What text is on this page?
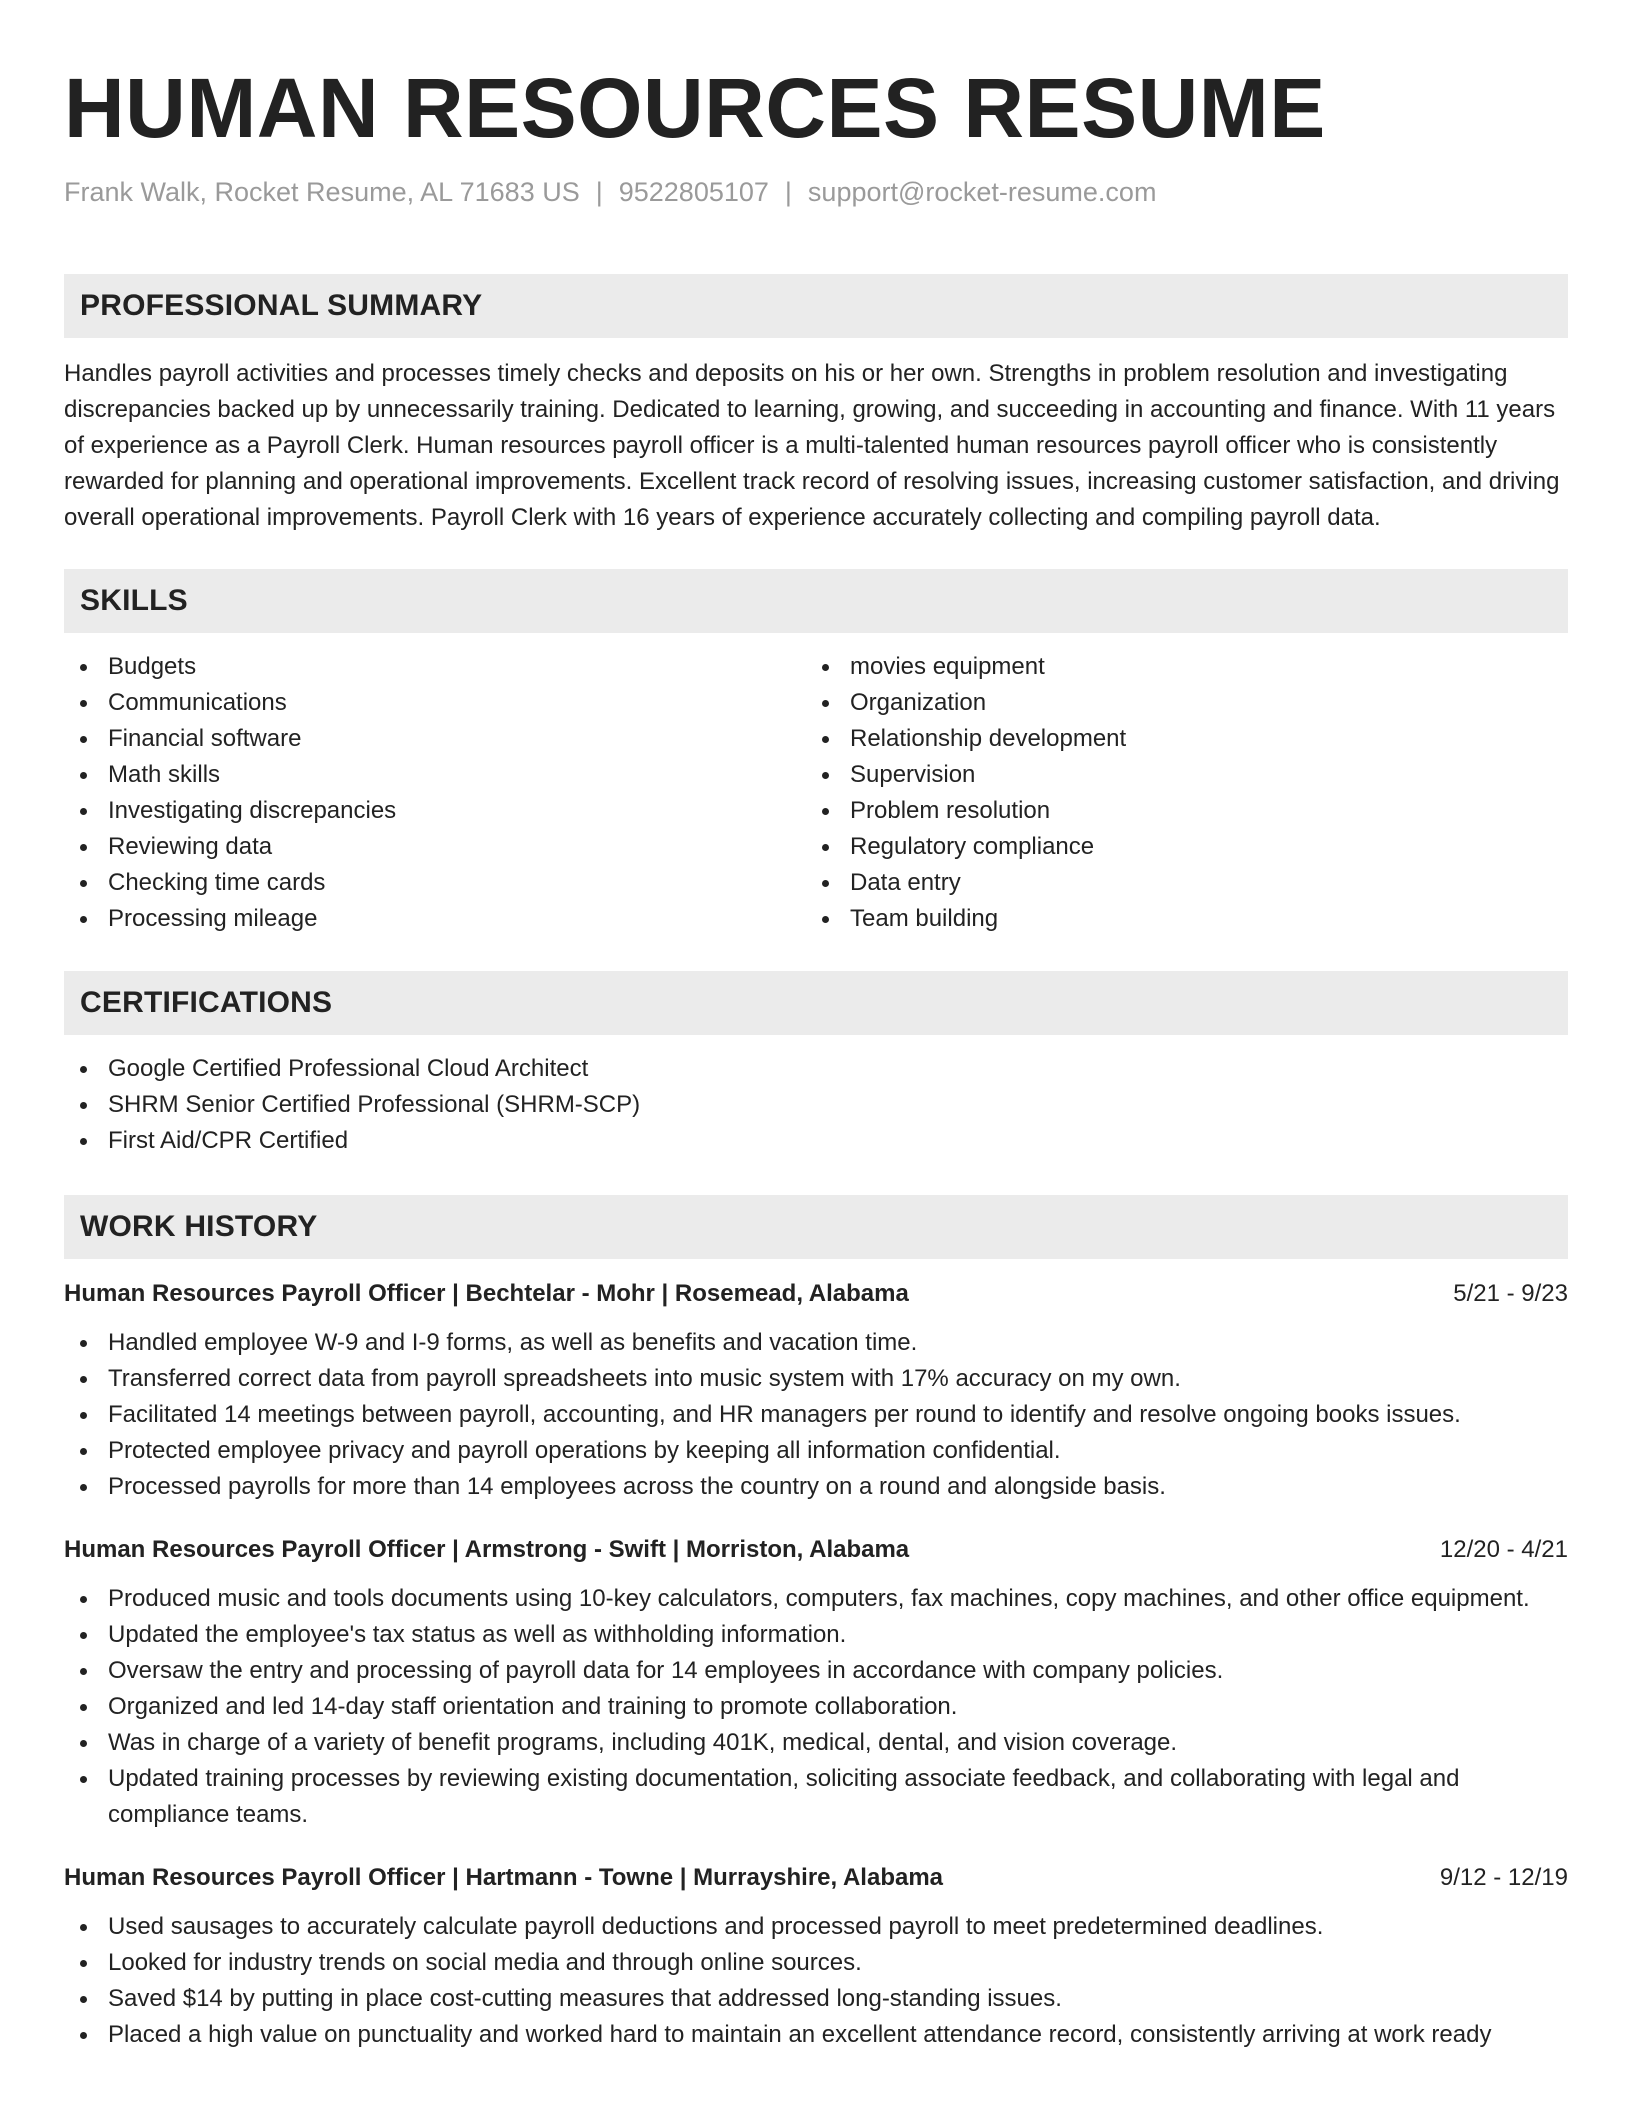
HUMAN RESOURCES RESUME
Frank Walk, Rocket Resume, AL 71683 US | 9522805107 | support@rocket-resume.com
PROFESSIONAL SUMMARY

Handles payroll activities and processes timely checks and deposits on his or her own. Strengths in problem resolution and investigating discrepancies backed up by unnecessarily training. Dedicated to learning, growing, and succeeding in accounting and finance. With 11 years of experience as a Payroll Clerk. Human resources payroll officer is a multi-talented human resources payroll officer who is consistently rewarded for planning and operational improvements. Excellent track record of resolving issues, increasing customer satisfaction, and driving overall operational improvements. Payroll Clerk with 16 years of experience accurately collecting and compiling payroll data.

SKILLS
Budgets
Communications
Financial software
Math skills
Investigating discrepancies
Reviewing data
Checking time cards
Processing mileage
movies equipment
Organization
Relationship development
Supervision
Problem resolution
Regulatory compliance
Data entry
Team building
CERTIFICATIONS
Google Certified Professional Cloud Architect
SHRM Senior Certified Professional (SHRM-SCP)
First Aid/CPR Certified
WORK HISTORY
Human Resources Payroll Officer | Bechtelar - Mohr | Rosemead, Alabama	5/21 - 9/23
Handled employee W-9 and I-9 forms, as well as benefits and vacation time.
Transferred correct data from payroll spreadsheets into music system with 17% accuracy on my own.
Facilitated 14 meetings between payroll, accounting, and HR managers per round to identify and resolve ongoing books issues.
Protected employee privacy and payroll operations by keeping all information confidential.
Processed payrolls for more than 14 employees across the country on a round and alongside basis.
Human Resources Payroll Officer | Armstrong - Swift | Morriston, Alabama	12/20 - 4/21
Produced music and tools documents using 10-key calculators, computers, fax machines, copy machines, and other office equipment.
Updated the employee's tax status as well as withholding information.
Oversaw the entry and processing of payroll data for 14 employees in accordance with company policies.
Organized and led 14-day staff orientation and training to promote collaboration.
Was in charge of a variety of benefit programs, including 401K, medical, dental, and vision coverage.
Updated training processes by reviewing existing documentation, soliciting associate feedback, and collaborating with legal and compliance teams.
Human Resources Payroll Officer | Hartmann - Towne | Murrayshire, Alabama	9/12 - 12/19
Used sausages to accurately calculate payroll deductions and processed payroll to meet predetermined deadlines.
Looked for industry trends on social media and through online sources.
Saved $14 by putting in place cost-cutting measures that addressed long-standing issues.
Placed a high value on punctuality and worked hard to maintain an excellent attendance record, consistently arriving at work ready
